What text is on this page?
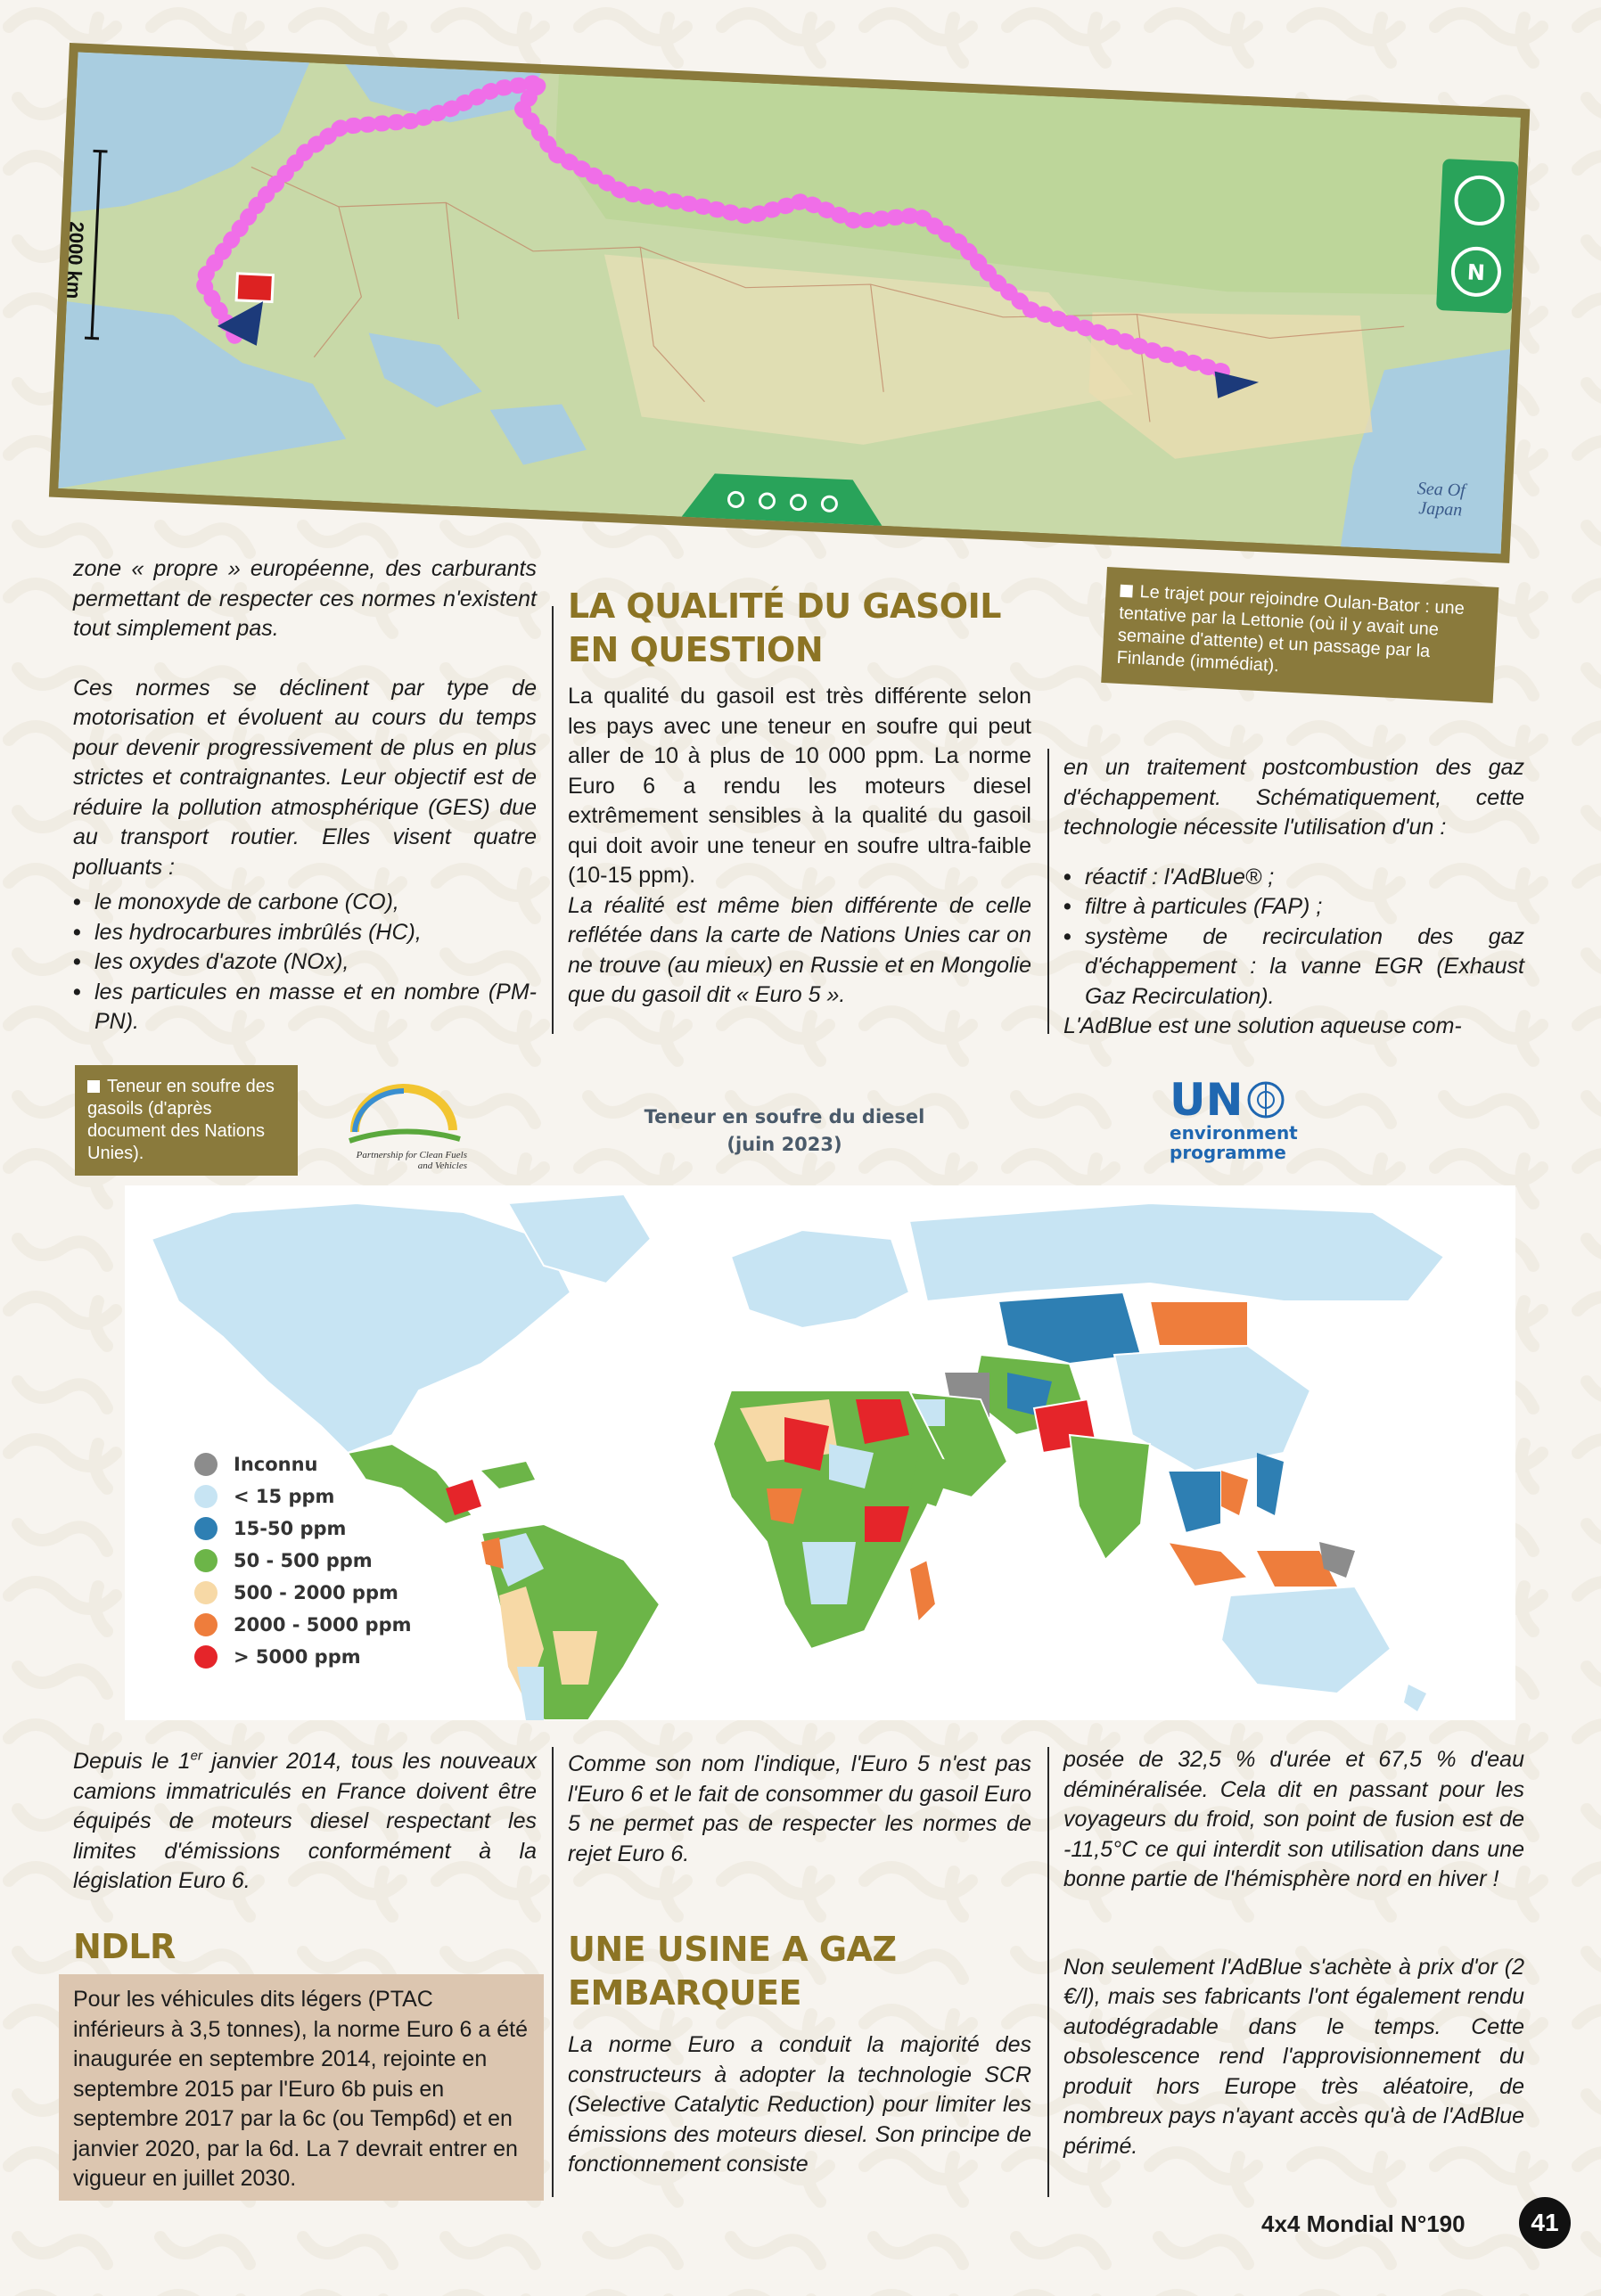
N
2000 km
Sea Of Japan
Le trajet pour rejoindre Oulan-Bator : une tentative par la Lettonie (où il y avait une semaine d'attente) et un passage par la Finlande (immédiat).

zone « propre » européenne, des carburants permettant de respecter ces normes n'existent tout simplement pas.

Ces normes se déclinent par type de motorisation et évoluent au cours du temps pour devenir progressivement de plus en plus strictes et contraignantes. Leur objectif est de réduire la pollution atmosphérique (GES) due au transport routier. Elles visent quatre polluants :

• le monoxyde de carbone (CO),
• les hydrocarbures imbrûlés (HC),
• les oxydes d'azote (NOx),
• les particules en masse et en nombre (PM-PN).
LA QUALITÉ DU GASOIL EN QUESTION

La qualité du gasoil est très différente selon les pays avec une teneur en soufre qui peut aller de 10 à plus de 10 000 ppm. La norme Euro 6 a rendu les moteurs diesel extrêmement sensibles à la qualité du gasoil qui doit avoir une teneur en soufre ultra-faible (10-15 ppm).

La réalité est même bien différente de celle reflétée dans la carte de Nations Unies car on ne trouve (au mieux) en Russie et en Mongolie que du gasoil dit « Euro 5 ».

en un traitement postcombustion des gaz d'échappement. Schématiquement, cette technologie nécessite l'utilisation d'un :

• réactif : l'AdBlue® ;
• filtre à particules (FAP) ;
• système de recirculation des gaz d'échappement : la vanne EGR (Exhaust Gaz Recirculation).

L'AdBlue est une solution aqueuse com-

Teneur en soufre des gasoils (d'après document des Nations Unies).	Partnership for Clean Fuels and Vehicles
Teneur en soufre du diesel
(juin 2023)
UN
environment
programme
Inconnu
< 15 ppm
15-50 ppm
50 - 500 ppm
500 - 2000 ppm
2000 - 5000 ppm
> 5000 ppm

Depuis le 1er janvier 2014, tous les nouveaux camions immatriculés en France doivent être équipés de moteurs diesel respectant les limites d'émissions conformément à la législation Euro 6.

NDLR
Pour les véhicules dits légers (PTAC inférieurs à 3,5 tonnes), la norme Euro 6 a été inaugurée en septembre 2014, rejointe en septembre 2015 par l'Euro 6b puis en septembre 2017 par la 6c (ou Temp6d) et en janvier 2020, par la 6d. La 7 devrait entrer en vigueur en juillet 2030.

Comme son nom l'indique, l'Euro 5 n'est pas l'Euro 6 et le fait de consommer du gasoil Euro 5 ne permet pas de respecter les normes de rejet Euro 6.

UNE USINE A GAZ EMBARQUEE

La norme Euro a conduit la majorité des constructeurs à adopter la technologie SCR (Selective Catalytic Reduction) pour limiter les émissions des moteurs diesel. Son principe de fonctionnement consiste

posée de 32,5 % d'urée et 67,5 % d'eau déminéralisée. Cela dit en passant pour les voyageurs du froid, son point de fusion est de -11,5°C ce qui interdit son utilisation dans une bonne partie de l'hémisphère nord en hiver !

Non seulement l'AdBlue s'achète à prix d'or (2 €/l), mais ses fabricants l'ont également rendu autodégradable dans le temps. Cette obsolescence rend l'approvisionnement du produit hors Europe très aléatoire, de nombreux pays n'ayant accès qu'à de l'AdBlue périmé.

4x4 Mondial N°190	41
